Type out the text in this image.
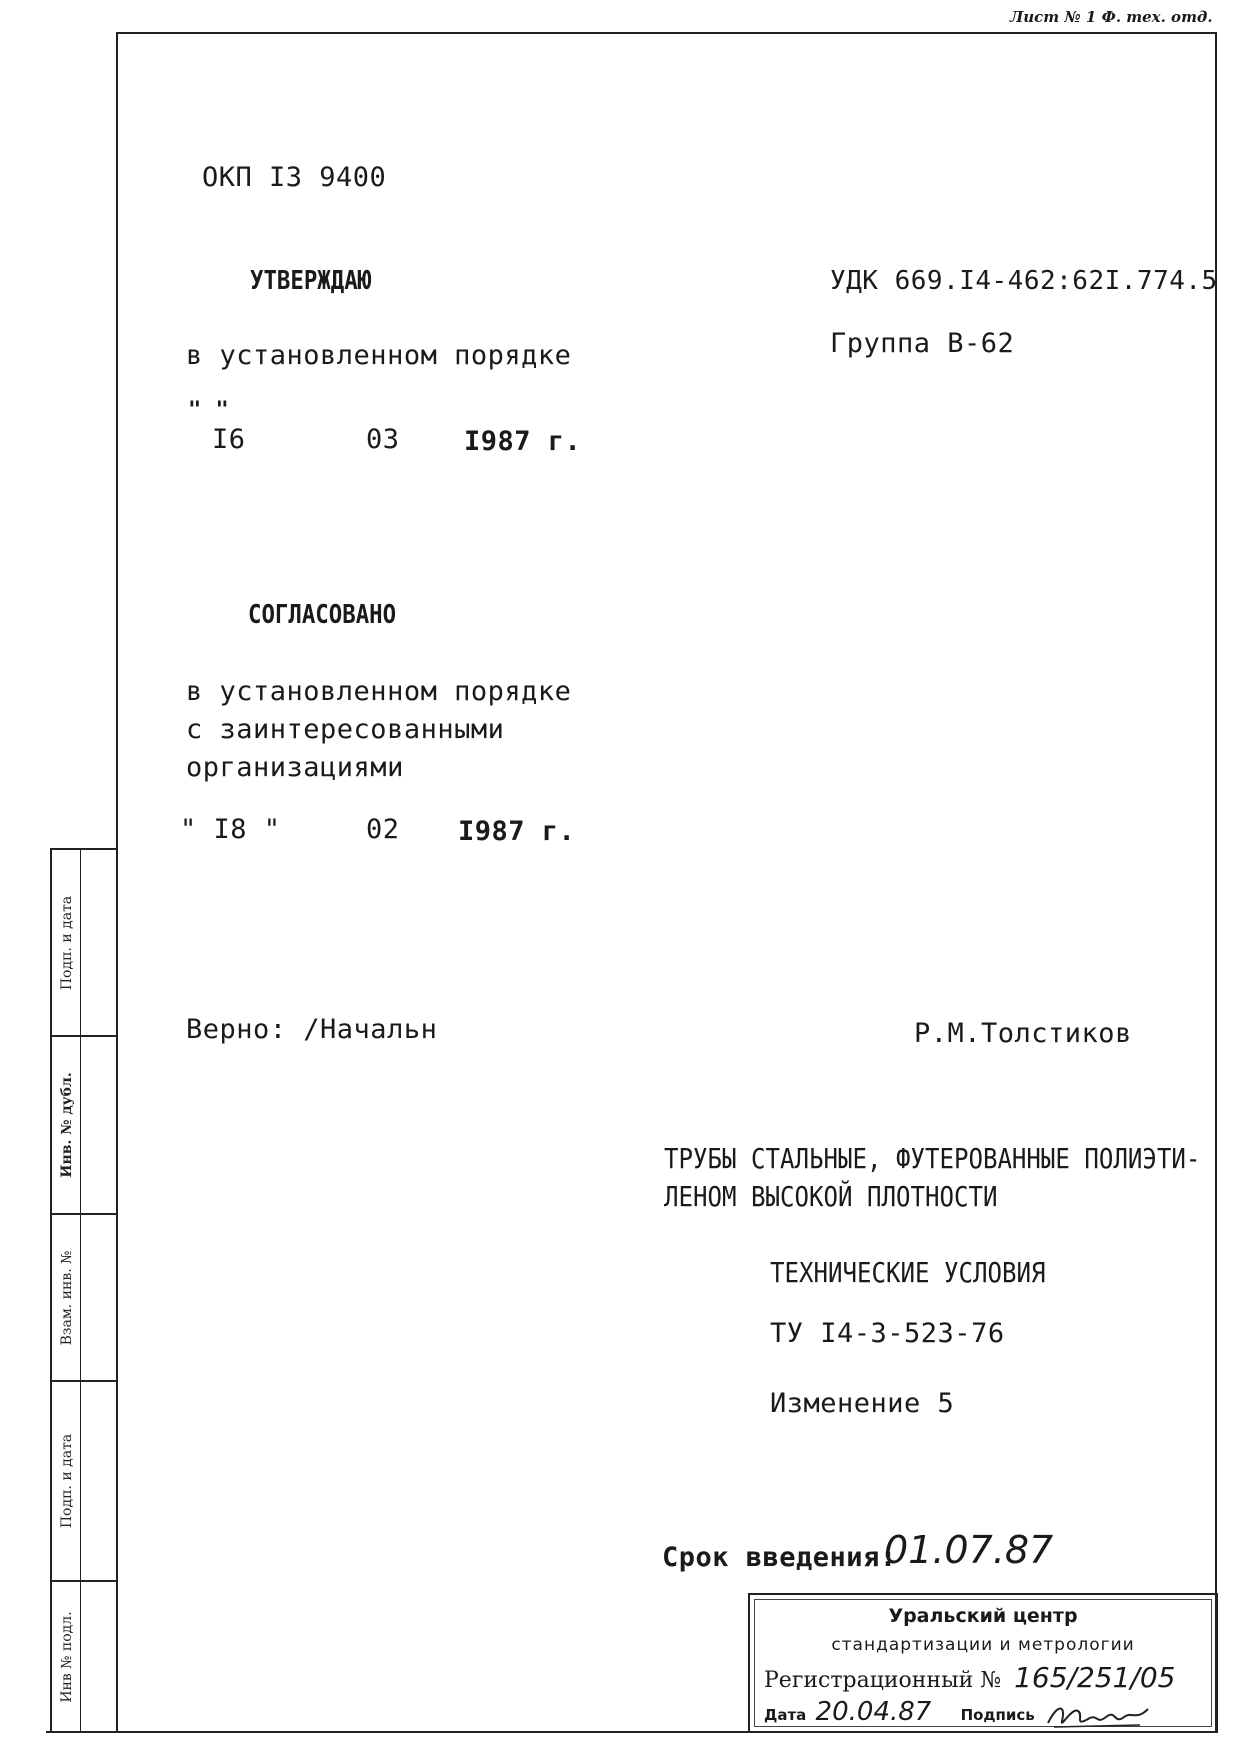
Лист № 1 Ф. тех. отд.
Подп. и дата
Инв. № дубл.
Взам. инв. №
Подп. и дата
Инв № подл.
ОКП I3 9400
УДК 669.I4-462:62I.774.5
Группа В-62
УТВЕРЖДАЮ
в установленном порядке
" "
I6	03 I987 г.
СОГЛАСОВАНО
в установленном порядке
с заинтересованными
организациями
" I8 "	02 I987 г.
Верно: /Начальн	Р.М.Толстиков
ТРУБЫ СТАЛЬНЫЕ, ФУТЕРОВАННЫЕ ПОЛИЭТИ-
ЛЕНОМ ВЫСОКОЙ ПЛОТНОСТИ
ТЕХНИЧЕСКИЕ УСЛОВИЯ
ТУ I4-3-523-76
Изменение 5
Срок введения:
01.07.87
Уральский центр
стандартизации и метрологии
Регистрационный № 165/251/05
Дата 20.04.87 Подпись
